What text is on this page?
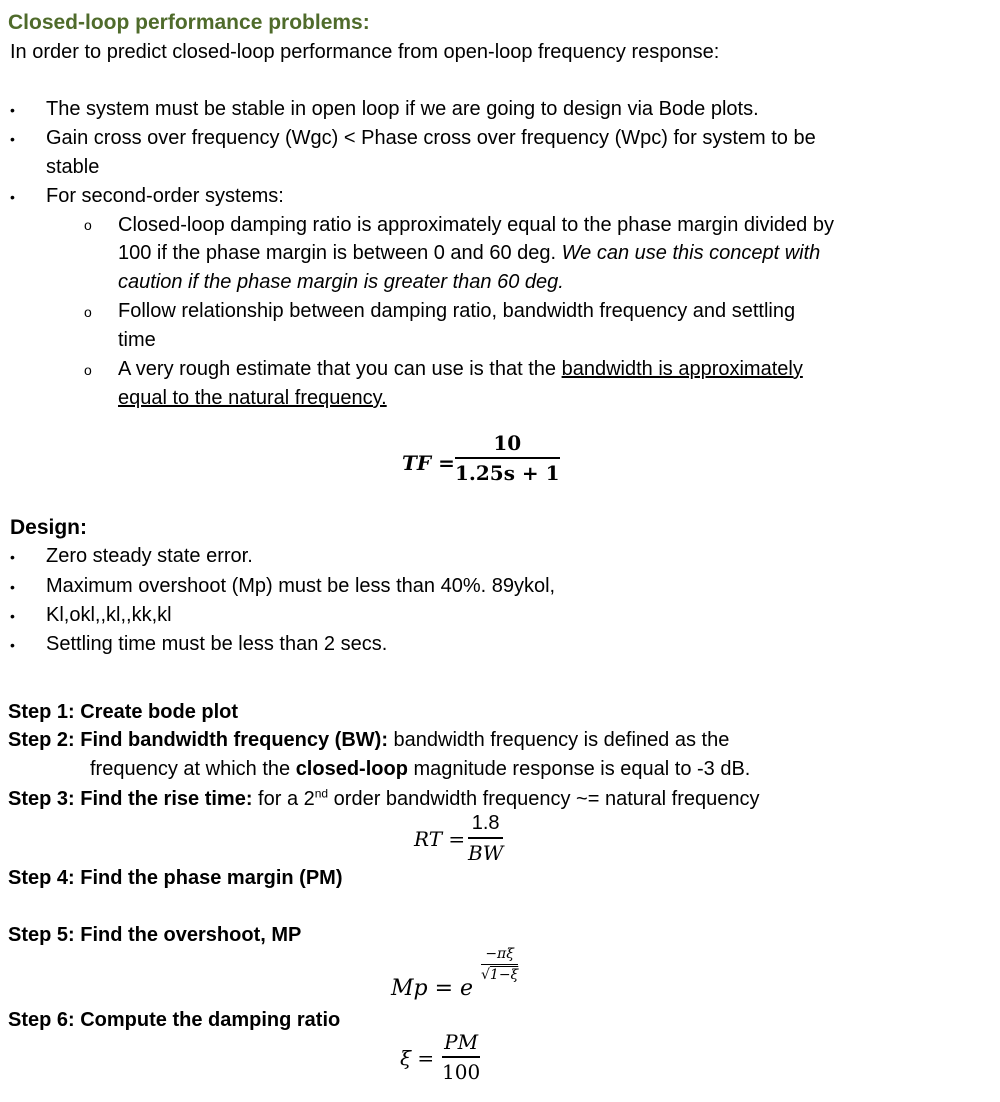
Closed-loop performance problems:
In order to predict closed-loop performance from open-loop frequency response:
• The system must be stable in open loop if we are going to design via Bode plots.
• Gain cross over frequency (Wgc) < Phase cross over frequency (Wpc) for system to be
stable
• For second-order systems:
o Closed-loop damping ratio is approximately equal to the phase margin divided by
100 if the phase margin is between 0 and 60 deg. We can use this concept with
caution if the phase margin is greater than 60 deg.
o Follow relationship between damping ratio, bandwidth frequency and settling
time
o A very rough estimate that you can use is that the bandwidth is approximately
equal to the natural frequency.
TF =
10
1.25s + 1
Design:
• Zero steady state error.
• Maximum overshoot (Mp) must be less than 40%. 89ykol,
• Kl,okl,,kl,,kk,kl
• Settling time must be less than 2 secs.
Step 1: Create bode plot
Step 2: Find bandwidth frequency (BW): bandwidth frequency is defined as the
frequency at which the closed-loop magnitude response is equal to -3 dB.
Step 3: Find the rise time: for a 2nd order bandwidth frequency ~= natural frequency
RT =
1.8
BW
Step 4: Find the phase margin (PM)
Step 5: Find the overshoot, MP
Mp = e
−πξ
√1−ξ
Step 6: Compute the damping ratio
ξ =
PM
100
